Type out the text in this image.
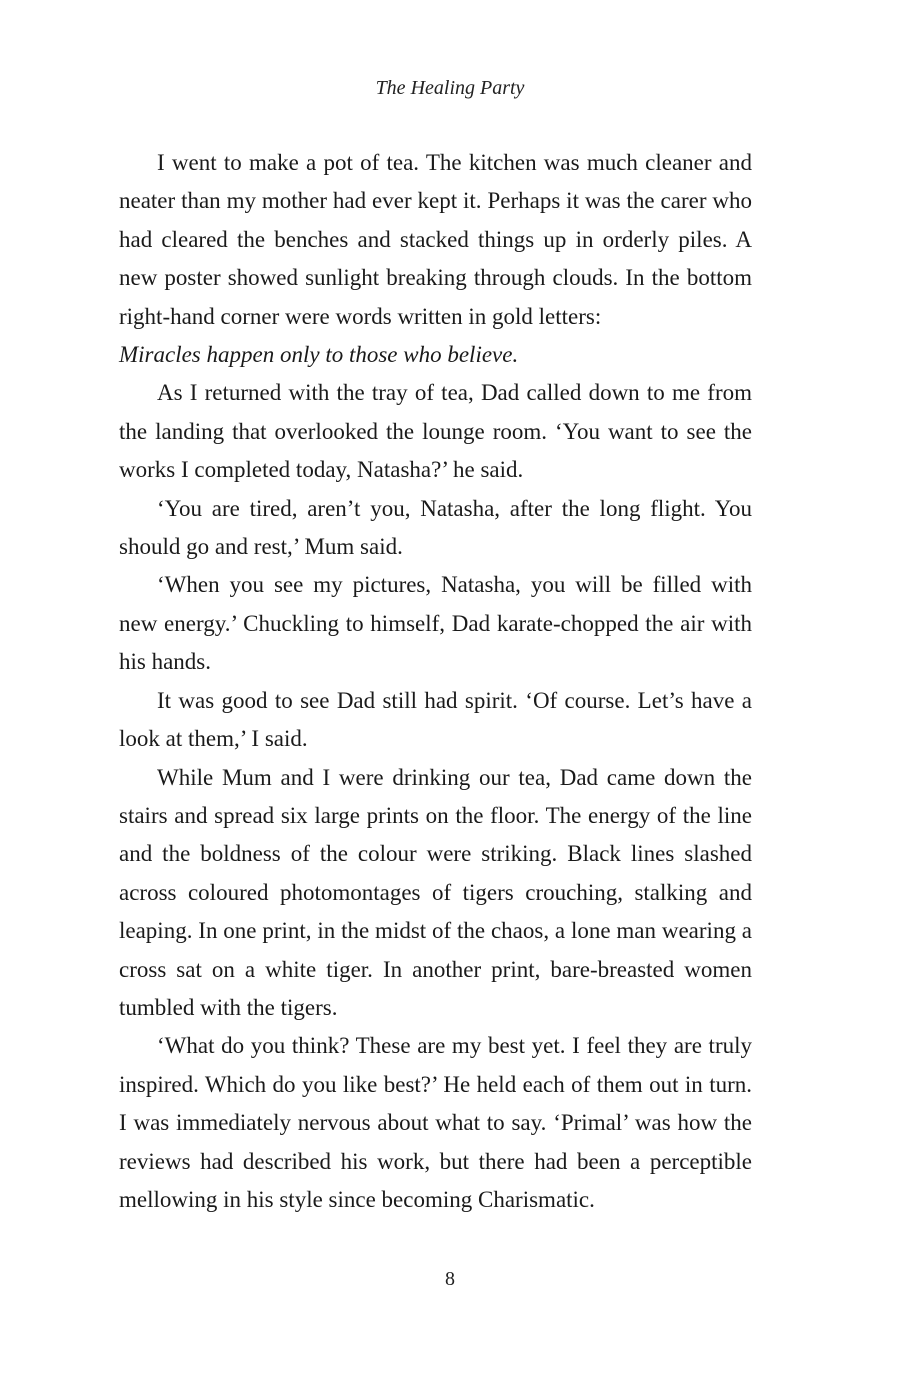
The Healing Party

I went to make a pot of tea. The kitchen was much cleaner and neater than my mother had ever kept it. Perhaps it was the carer who had cleared the benches and stacked things up in orderly piles. A new poster showed sunlight breaking through clouds. In the bottom right-hand corner were words written in gold letters:

Miracles happen only to those who believe.

As I returned with the tray of tea, Dad called down to me from the landing that overlooked the lounge room. ‘You want to see the works I completed today, Natasha?’ he said.

‘You are tired, aren’t you, Natasha, after the long flight. You should go and rest,’ Mum said.

‘When you see my pictures, Natasha, you will be filled with new energy.’ Chuckling to himself, Dad karate-chopped the air with his hands.

It was good to see Dad still had spirit. ‘Of course. Let’s have a look at them,’ I said.

While Mum and I were drinking our tea, Dad came down the stairs and spread six large prints on the floor. The energy of the line and the boldness of the colour were striking. Black lines slashed across coloured photomontages of tigers crouching, stalking and leaping. In one print, in the midst of the chaos, a lone man wearing a cross sat on a white tiger. In another print, bare-breasted women tumbled with the tigers.

‘What do you think? These are my best yet. I feel they are truly inspired. Which do you like best?’ He held each of them out in turn. I was immediately nervous about what to say. ‘Primal’ was how the reviews had described his work, but there had been a perceptible mellowing in his style since becoming Charismatic.

8
